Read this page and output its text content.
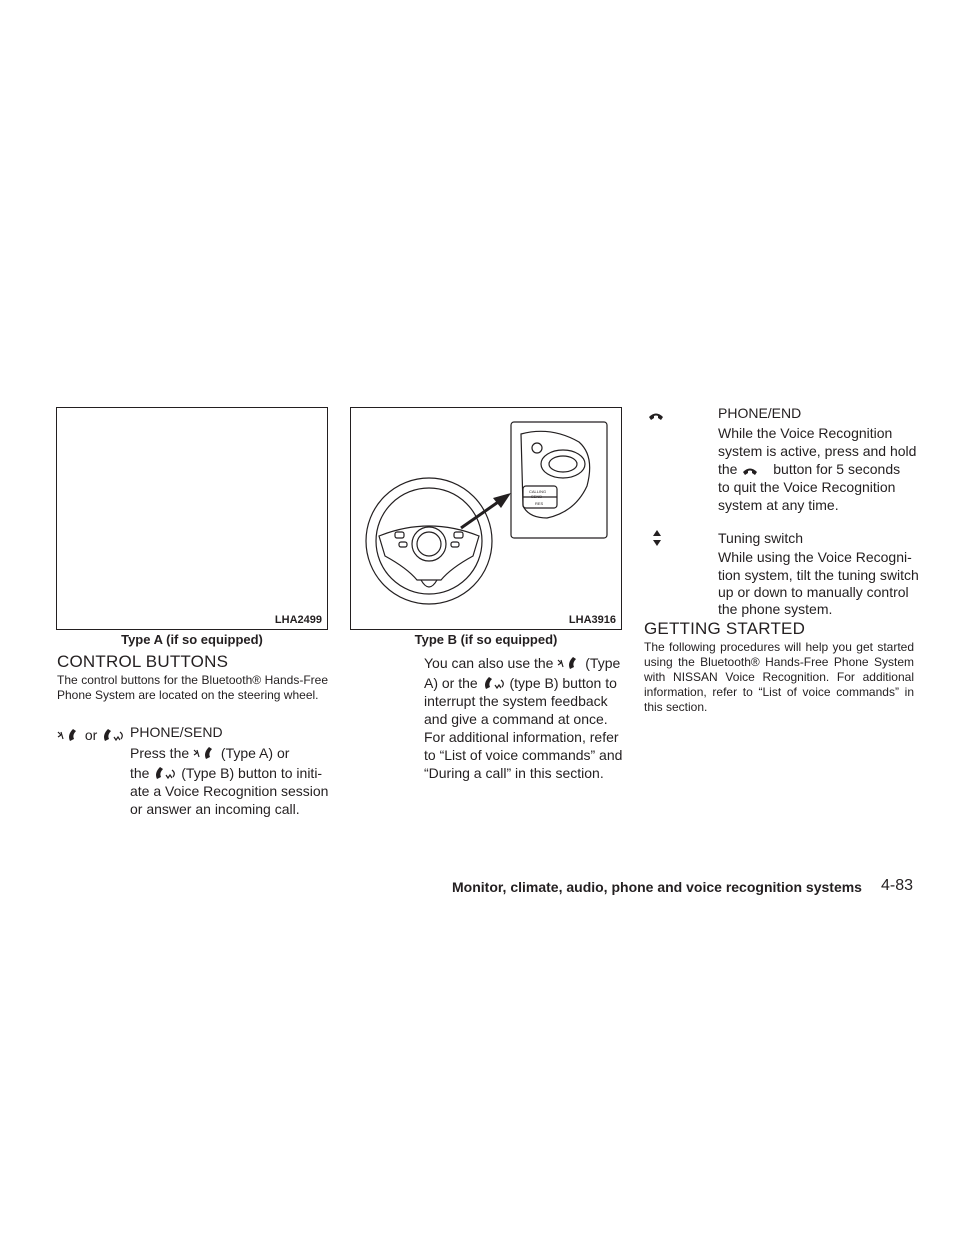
LHA2499
Type A (if so equipped)
CALLING
SEND
RES
LHA3916
Type B (if so equipped)
CONTROL BUTTONS
The control buttons for the Bluetooth® Hands-Free Phone System are located on the steering wheel.
or	PHONE/SEND
Press the (Type A) or
the (Type B) button to initi-
ate a Voice Recognition session
or answer an incoming call.
You can also use the (Type
A) or the (type B) button to
interrupt the system feedback
and give a command at once.
For additional information, refer
to “List of voice commands” and
“During a call” in this section.
PHONE/END
While the Voice Recognition
system is active, press and hold
the	button for 5 seconds
to quit the Voice Recognition
system at any time.
Tuning switch
While using the Voice Recogni-
tion system, tilt the tuning switch
up or down to manually control
the phone system.
GETTING STARTED
The following procedures will help you get started using the Bluetooth® Hands-Free Phone System with NISSAN Voice Recognition. For additional information, refer to “List of voice commands” in this section.
Monitor, climate, audio, phone and voice recognition systems 4-83
